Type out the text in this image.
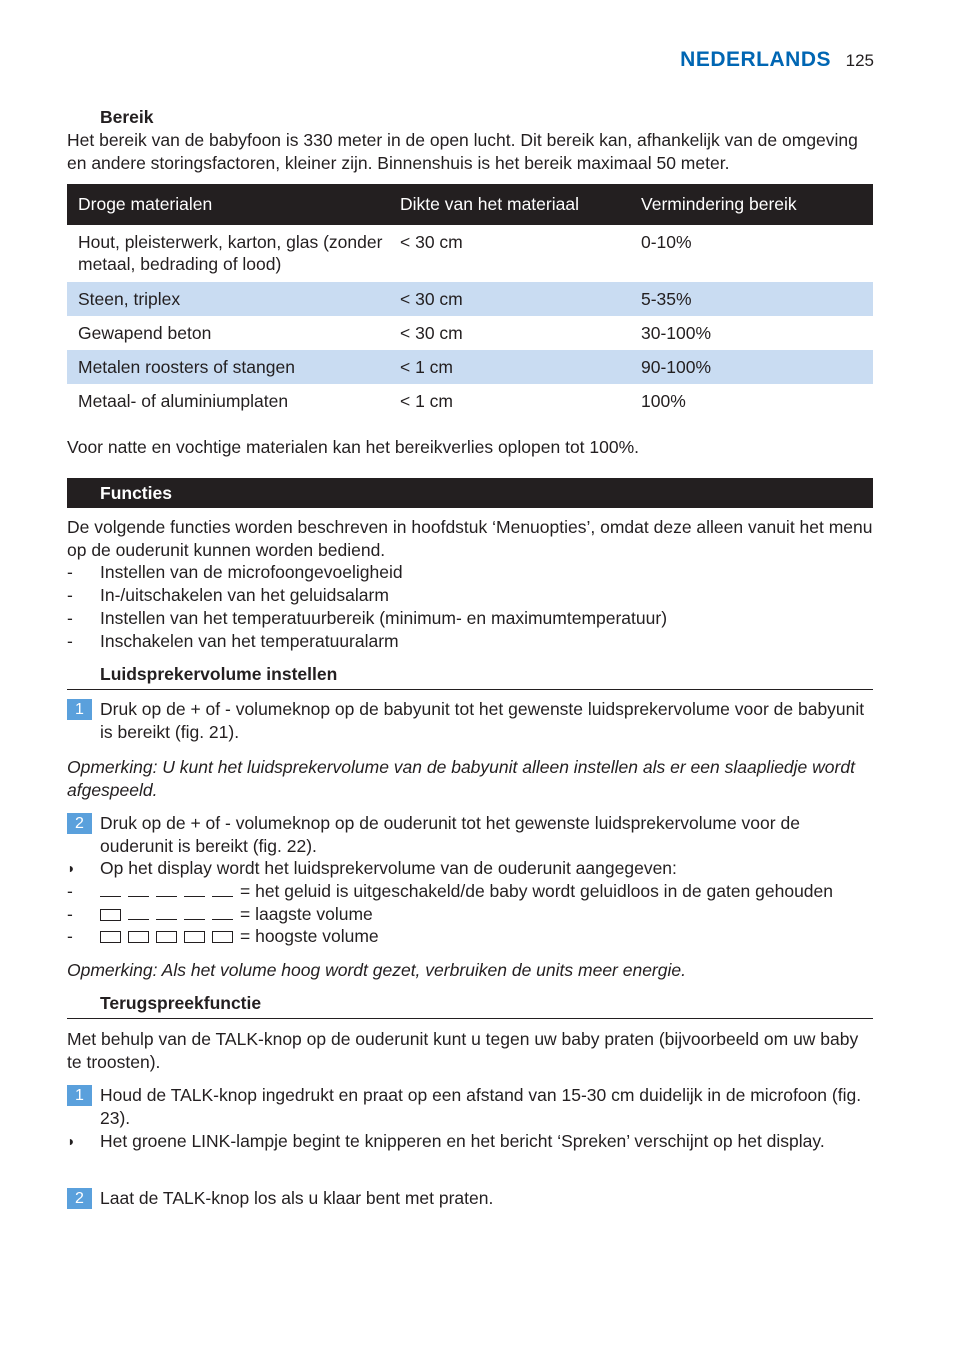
NEDERLANDS 125
Bereik
Het bereik van de babyfoon is 330 meter in de open lucht. Dit bereik kan, afhankelijk van de omgeving en andere storingsfactoren, kleiner zijn. Binnenshuis is het bereik maximaal 50 meter.
Droge materialen	Dikte van het materiaal	Vermindering bereik
Hout, pleisterwerk, karton, glas (zonder metaal, bedrading of lood)	< 30 cm	0-10%
Steen, triplex	< 30 cm	5-35%
Gewapend beton	< 30 cm	30-100%
Metalen roosters of stangen	< 1 cm	90-100%
Metaal- of aluminiumplaten	< 1 cm	100%
Voor natte en vochtige materialen kan het bereikverlies oplopen tot 100%.
Functies
De volgende functies worden beschreven in hoofdstuk ‘Menuopties’, omdat deze alleen vanuit het menu op de ouderunit kunnen worden bediend.
-	Instellen van de microfoongevoeligheid
-	In-/uitschakelen van het geluidsalarm
-	Instellen van het temperatuurbereik (minimum- en maximumtemperatuur)
-	Inschakelen van het temperatuuralarm
Luidsprekervolume instellen
1 Druk op de + of - volumeknop op de babyunit tot het gewenste luidsprekervolume voor de babyunit is bereikt (fig. 21).
Opmerking: U kunt het luidsprekervolume van de babyunit alleen instellen als er een slaapliedje wordt afgespeeld.
2 Druk op de + of - volumeknop op de ouderunit tot het gewenste luidsprekervolume voor de ouderunit is bereikt (fig. 22).
◗	Op het display wordt het luidsprekervolume van de ouderunit aangegeven:
-	= het geluid is uitgeschakeld/de baby wordt geluidloos in de gaten gehouden
-	= laagste volume
-	= hoogste volume
Opmerking: Als het volume hoog wordt gezet, verbruiken de units meer energie.
Terugspreekfunctie
Met behulp van de TALK-knop op de ouderunit kunt u tegen uw baby praten (bijvoorbeeld om uw baby te troosten).
1 Houd de TALK-knop ingedrukt en praat op een afstand van 15-30 cm duidelijk in de microfoon (fig. 23).
◗	Het groene LINK-lampje begint te knipperen en het bericht ‘Spreken’ verschijnt op het display.
2 Laat de TALK-knop los als u klaar bent met praten.
